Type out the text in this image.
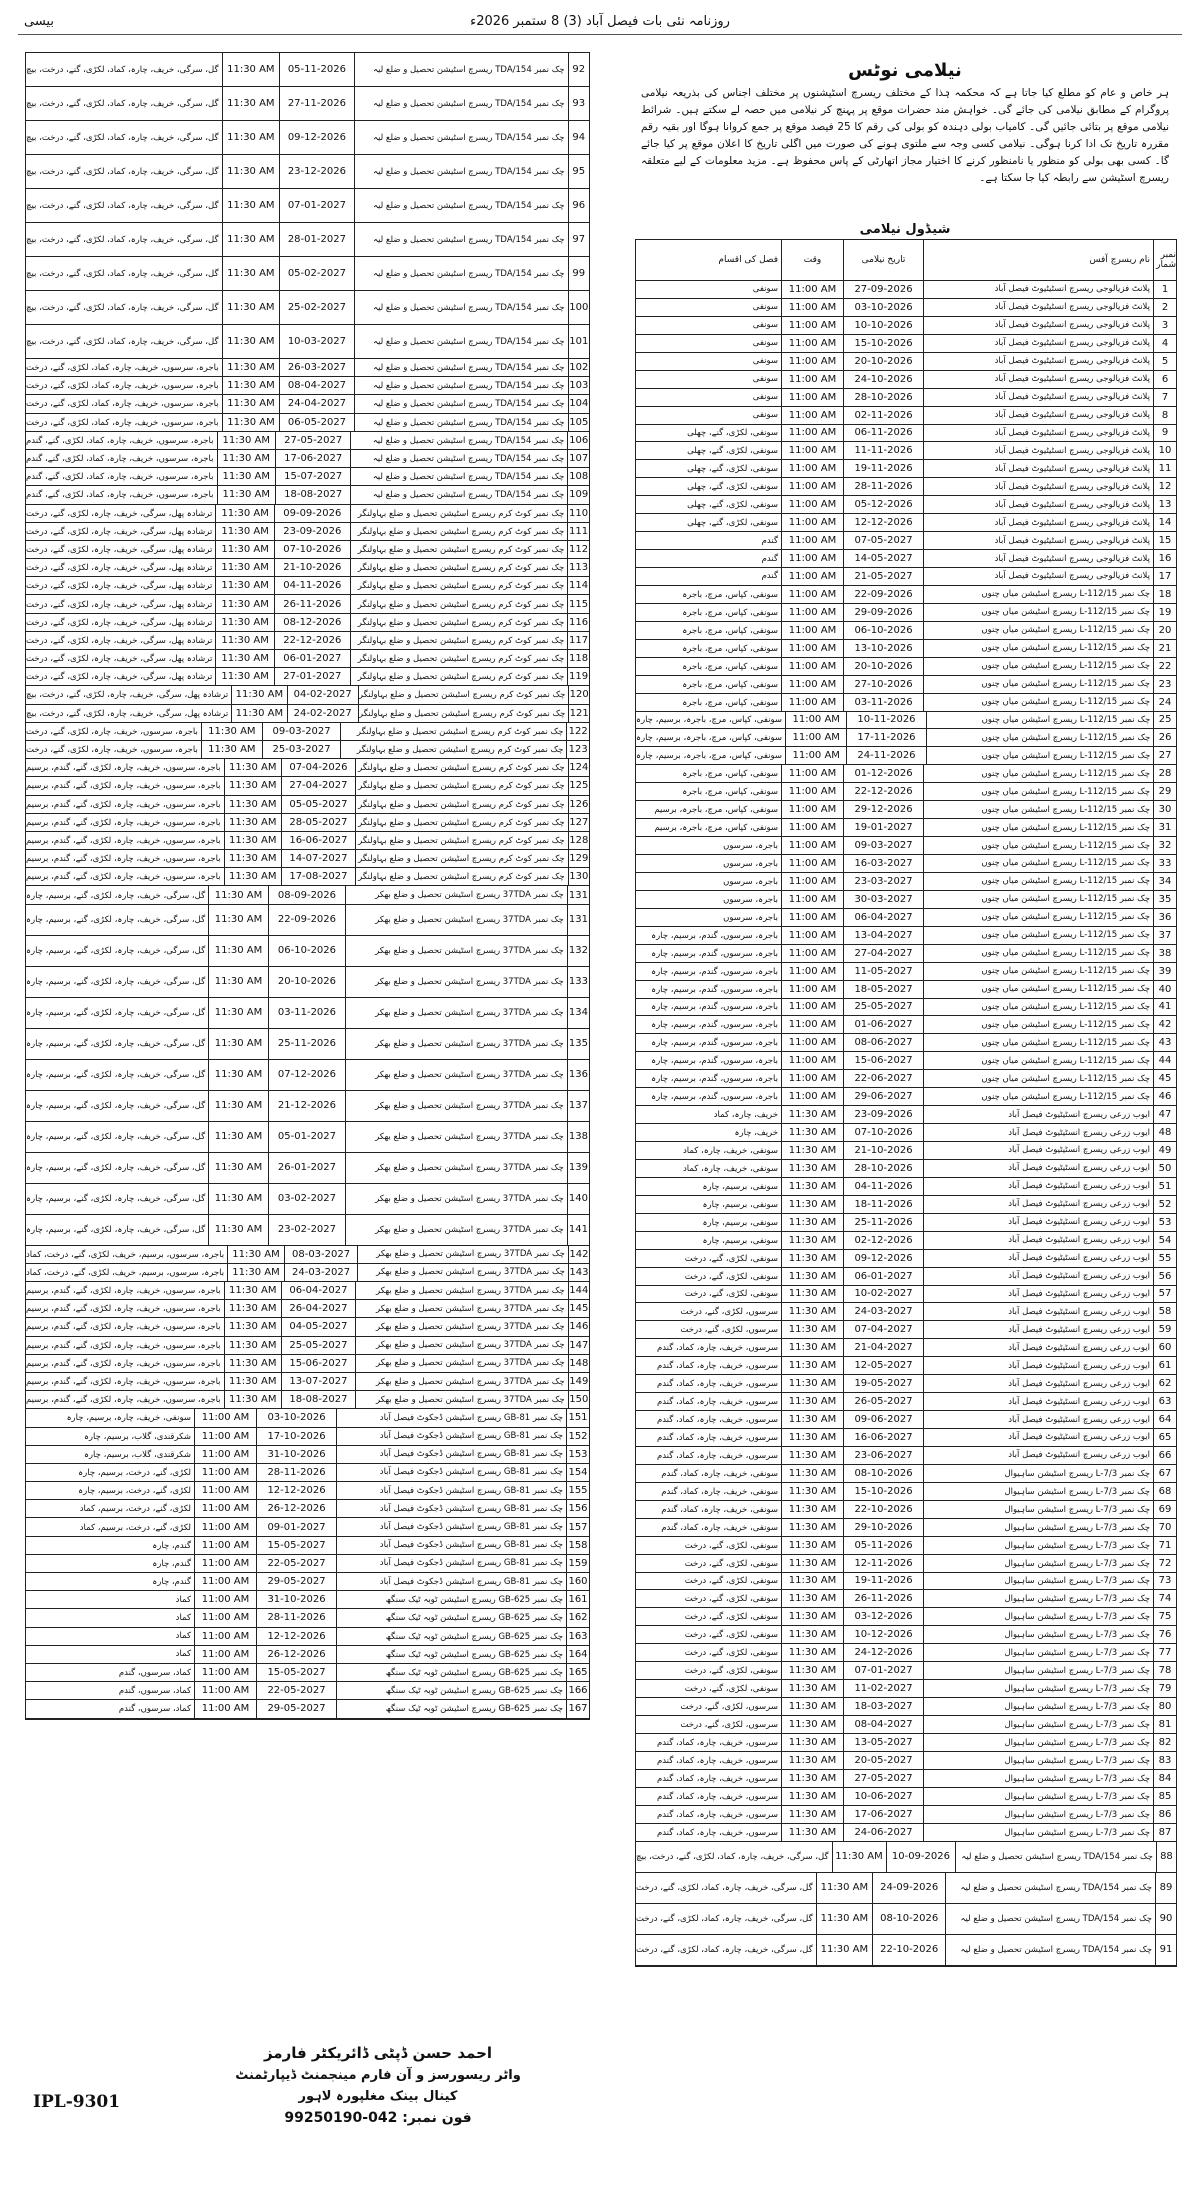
بیسی	روزنامہ نئی بات فیصل آباد (3) 8 ستمبر 2026ء
92
چک نمبر 154/TDA ریسرچ اسٹیشن تحصیل و ضلع لیہ
05-11-2026
11:30 AM
گل، سرگی، خریف، چارہ، کماد، لکڑی، گنے، درخت، بیچ
93
چک نمبر 154/TDA ریسرچ اسٹیشن تحصیل و ضلع لیہ
27-11-2026
11:30 AM
گل، سرگی، خریف، چارہ، کماد، لکڑی، گنے، درخت، بیچ
94
چک نمبر 154/TDA ریسرچ اسٹیشن تحصیل و ضلع لیہ
09-12-2026
11:30 AM
گل، سرگی، خریف، چارہ، کماد، لکڑی، گنے، درخت، بیچ
95
چک نمبر 154/TDA ریسرچ اسٹیشن تحصیل و ضلع لیہ
23-12-2026
11:30 AM
گل، سرگی، خریف، چارہ، کماد، لکڑی، گنے، درخت، بیچ
96
چک نمبر 154/TDA ریسرچ اسٹیشن تحصیل و ضلع لیہ
07-01-2027
11:30 AM
گل، سرگی، خریف، چارہ، کماد، لکڑی، گنے، درخت، بیچ
97
چک نمبر 154/TDA ریسرچ اسٹیشن تحصیل و ضلع لیہ
28-01-2027
11:30 AM
گل، سرگی، خریف، چارہ، کماد، لکڑی، گنے، درخت، بیچ
99
چک نمبر 154/TDA ریسرچ اسٹیشن تحصیل و ضلع لیہ
05-02-2027
11:30 AM
گل، سرگی، خریف، چارہ، کماد، لکڑی، گنے، درخت، بیچ
100
چک نمبر 154/TDA ریسرچ اسٹیشن تحصیل و ضلع لیہ
25-02-2027
11:30 AM
گل، سرگی، خریف، چارہ، کماد، لکڑی، گنے، درخت، بیچ
101
چک نمبر 154/TDA ریسرچ اسٹیشن تحصیل و ضلع لیہ
10-03-2027
11:30 AM
گل، سرگی، خریف، چارہ، کماد، لکڑی، گنے، درخت، بیچ
102
چک نمبر 154/TDA ریسرچ اسٹیشن تحصیل و ضلع لیہ
26-03-2027
11:30 AM
باجرہ، سرسوں، خریف، چارہ، کماد، لکڑی، گنے، درخت
103
چک نمبر 154/TDA ریسرچ اسٹیشن تحصیل و ضلع لیہ
08-04-2027
11:30 AM
باجرہ، سرسوں، خریف، چارہ، کماد، لکڑی، گنے، درخت
104
چک نمبر 154/TDA ریسرچ اسٹیشن تحصیل و ضلع لیہ
24-04-2027
11:30 AM
باجرہ، سرسوں، خریف، چارہ، کماد، لکڑی، گنے، درخت
105
چک نمبر 154/TDA ریسرچ اسٹیشن تحصیل و ضلع لیہ
06-05-2027
11:30 AM
باجرہ، سرسوں، خریف، چارہ، کماد، لکڑی، گنے، درخت
106
چک نمبر 154/TDA ریسرچ اسٹیشن تحصیل و ضلع لیہ
27-05-2027
11:30 AM
باجرہ، سرسوں، خریف، چارہ، کماد، لکڑی، گنے، گندم
107
چک نمبر 154/TDA ریسرچ اسٹیشن تحصیل و ضلع لیہ
17-06-2027
11:30 AM
باجرہ، سرسوں، خریف، چارہ، کماد، لکڑی، گنے، گندم
108
چک نمبر 154/TDA ریسرچ اسٹیشن تحصیل و ضلع لیہ
15-07-2027
11:30 AM
باجرہ، سرسوں، خریف، چارہ، کماد، لکڑی، گنے، گندم
109
چک نمبر 154/TDA ریسرچ اسٹیشن تحصیل و ضلع لیہ
18-08-2027
11:30 AM
باجرہ، سرسوں، خریف، چارہ، کماد، لکڑی، گنے، گندم
110
چک نمبر کوٹ کرم ریسرچ اسٹیشن تحصیل و ضلع بہاولنگر
09-09-2026
11:30 AM
ترشادہ پھل، سرگی، خریف، چارہ، لکڑی، گنے، درخت
111
چک نمبر کوٹ کرم ریسرچ اسٹیشن تحصیل و ضلع بہاولنگر
23-09-2026
11:30 AM
ترشادہ پھل، سرگی، خریف، چارہ، لکڑی، گنے، درخت
112
چک نمبر کوٹ کرم ریسرچ اسٹیشن تحصیل و ضلع بہاولنگر
07-10-2026
11:30 AM
ترشادہ پھل، سرگی، خریف، چارہ، لکڑی، گنے، درخت
113
چک نمبر کوٹ کرم ریسرچ اسٹیشن تحصیل و ضلع بہاولنگر
21-10-2026
11:30 AM
ترشادہ پھل، سرگی، خریف، چارہ، لکڑی، گنے، درخت
114
چک نمبر کوٹ کرم ریسرچ اسٹیشن تحصیل و ضلع بہاولنگر
04-11-2026
11:30 AM
ترشادہ پھل، سرگی، خریف، چارہ، لکڑی، گنے، درخت
115
چک نمبر کوٹ کرم ریسرچ اسٹیشن تحصیل و ضلع بہاولنگر
26-11-2026
11:30 AM
ترشادہ پھل، سرگی، خریف، چارہ، لکڑی، گنے، درخت
116
چک نمبر کوٹ کرم ریسرچ اسٹیشن تحصیل و ضلع بہاولنگر
08-12-2026
11:30 AM
ترشادہ پھل، سرگی، خریف، چارہ، لکڑی، گنے، درخت
117
چک نمبر کوٹ کرم ریسرچ اسٹیشن تحصیل و ضلع بہاولنگر
22-12-2026
11:30 AM
ترشادہ پھل، سرگی، خریف، چارہ، لکڑی، گنے، درخت
118
چک نمبر کوٹ کرم ریسرچ اسٹیشن تحصیل و ضلع بہاولنگر
06-01-2027
11:30 AM
ترشادہ پھل، سرگی، خریف، چارہ، لکڑی، گنے، درخت
119
چک نمبر کوٹ کرم ریسرچ اسٹیشن تحصیل و ضلع بہاولنگر
27-01-2027
11:30 AM
ترشادہ پھل، سرگی، خریف، چارہ، لکڑی، گنے، درخت
120
چک نمبر کوٹ کرم ریسرچ اسٹیشن تحصیل و ضلع بہاولنگر
04-02-2027
11:30 AM
ترشادہ پھل، سرگی، خریف، چارہ، لکڑی، گنے، درخت، بیچ
121
چک نمبر کوٹ کرم ریسرچ اسٹیشن تحصیل و ضلع بہاولنگر
24-02-2027
11:30 AM
ترشادہ پھل، سرگی، خریف، چارہ، لکڑی، گنے، درخت، بیچ
122
چک نمبر کوٹ کرم ریسرچ اسٹیشن تحصیل و ضلع بہاولنگر
09-03-2027
11:30 AM
باجرہ، سرسوں، خریف، چارہ، لکڑی، گنے، درخت
123
چک نمبر کوٹ کرم ریسرچ اسٹیشن تحصیل و ضلع بہاولنگر
25-03-2027
11:30 AM
باجرہ، سرسوں، خریف، چارہ، لکڑی، گنے، درخت
124
چک نمبر کوٹ کرم ریسرچ اسٹیشن تحصیل و ضلع بہاولنگر
07-04-2026
11:30 AM
باجرہ، سرسوں، خریف، چارہ، لکڑی، گنے، گندم، برسیم
125
چک نمبر کوٹ کرم ریسرچ اسٹیشن تحصیل و ضلع بہاولنگر
27-04-2027
11:30 AM
باجرہ، سرسوں، خریف، چارہ، لکڑی، گنے، گندم، برسیم
126
چک نمبر کوٹ کرم ریسرچ اسٹیشن تحصیل و ضلع بہاولنگر
05-05-2027
11:30 AM
باجرہ، سرسوں، خریف، چارہ، لکڑی، گنے، گندم، برسیم
127
چک نمبر کوٹ کرم ریسرچ اسٹیشن تحصیل و ضلع بہاولنگر
28-05-2027
11:30 AM
باجرہ، سرسوں، خریف، چارہ، لکڑی، گنے، گندم، برسیم
128
چک نمبر کوٹ کرم ریسرچ اسٹیشن تحصیل و ضلع بہاولنگر
16-06-2027
11:30 AM
باجرہ، سرسوں، خریف، چارہ، لکڑی، گنے، گندم، برسیم
129
چک نمبر کوٹ کرم ریسرچ اسٹیشن تحصیل و ضلع بہاولنگر
14-07-2027
11:30 AM
باجرہ، سرسوں، خریف، چارہ، لکڑی، گنے، گندم، برسیم
130
چک نمبر کوٹ کرم ریسرچ اسٹیشن تحصیل و ضلع بہاولنگر
17-08-2027
11:30 AM
باجرہ، سرسوں، خریف، چارہ، لکڑی، گنے، گندم، برسیم
131
چک نمبر 37TDA ریسرچ اسٹیشن تحصیل و ضلع بھکر
08-09-2026
11:30 AM
گل، سرگی، خریف، چارہ، لکڑی، گنے، برسیم، چارہ
131
چک نمبر 37TDA ریسرچ اسٹیشن تحصیل و ضلع بھکر
22-09-2026
11:30 AM
گل، سرگی، خریف، چارہ، لکڑی، گنے، برسیم، چارہ
132
چک نمبر 37TDA ریسرچ اسٹیشن تحصیل و ضلع بھکر
06-10-2026
11:30 AM
گل، سرگی، خریف، چارہ، لکڑی، گنے، برسیم، چارہ
133
چک نمبر 37TDA ریسرچ اسٹیشن تحصیل و ضلع بھکر
20-10-2026
11:30 AM
گل، سرگی، خریف، چارہ، لکڑی، گنے، برسیم، چارہ
134
چک نمبر 37TDA ریسرچ اسٹیشن تحصیل و ضلع بھکر
03-11-2026
11:30 AM
گل، سرگی، خریف، چارہ، لکڑی، گنے، برسیم، چارہ
135
چک نمبر 37TDA ریسرچ اسٹیشن تحصیل و ضلع بھکر
25-11-2026
11:30 AM
گل، سرگی، خریف، چارہ، لکڑی، گنے، برسیم، چارہ
136
چک نمبر 37TDA ریسرچ اسٹیشن تحصیل و ضلع بھکر
07-12-2026
11:30 AM
گل، سرگی، خریف، چارہ، لکڑی، گنے، برسیم، چارہ
137
چک نمبر 37TDA ریسرچ اسٹیشن تحصیل و ضلع بھکر
21-12-2026
11:30 AM
گل، سرگی، خریف، چارہ، لکڑی، گنے، برسیم، چارہ
138
چک نمبر 37TDA ریسرچ اسٹیشن تحصیل و ضلع بھکر
05-01-2027
11:30 AM
گل، سرگی، خریف، چارہ، لکڑی، گنے، برسیم، چارہ
139
چک نمبر 37TDA ریسرچ اسٹیشن تحصیل و ضلع بھکر
26-01-2027
11:30 AM
گل، سرگی، خریف، چارہ، لکڑی، گنے، برسیم، چارہ
140
چک نمبر 37TDA ریسرچ اسٹیشن تحصیل و ضلع بھکر
03-02-2027
11:30 AM
گل، سرگی، خریف، چارہ، لکڑی، گنے، برسیم، چارہ
141
چک نمبر 37TDA ریسرچ اسٹیشن تحصیل و ضلع بھکر
23-02-2027
11:30 AM
گل، سرگی، خریف، چارہ، لکڑی، گنے، برسیم، چارہ
142
چک نمبر 37TDA ریسرچ اسٹیشن تحصیل و ضلع بھکر
08-03-2027
11:30 AM
باجرہ، سرسوں، برسیم، خریف، لکڑی، گنے، درخت، کماد
143
چک نمبر 37TDA ریسرچ اسٹیشن تحصیل و ضلع بھکر
24-03-2027
11:30 AM
باجرہ، سرسوں، برسیم، خریف، لکڑی، گنے، درخت، کماد
144
چک نمبر 37TDA ریسرچ اسٹیشن تحصیل و ضلع بھکر
06-04-2027
11:30 AM
باجرہ، سرسوں، خریف، چارہ، لکڑی، گنے، گندم، برسیم
145
چک نمبر 37TDA ریسرچ اسٹیشن تحصیل و ضلع بھکر
26-04-2027
11:30 AM
باجرہ، سرسوں، خریف، چارہ، لکڑی، گنے، گندم، برسیم
146
چک نمبر 37TDA ریسرچ اسٹیشن تحصیل و ضلع بھکر
04-05-2027
11:30 AM
باجرہ، سرسوں، خریف، چارہ، لکڑی، گنے، گندم، برسیم
147
چک نمبر 37TDA ریسرچ اسٹیشن تحصیل و ضلع بھکر
25-05-2027
11:30 AM
باجرہ، سرسوں، خریف، چارہ، لکڑی، گنے، گندم، برسیم
148
چک نمبر 37TDA ریسرچ اسٹیشن تحصیل و ضلع بھکر
15-06-2027
11:30 AM
باجرہ، سرسوں، خریف، چارہ، لکڑی، گنے، گندم، برسیم
149
چک نمبر 37TDA ریسرچ اسٹیشن تحصیل و ضلع بھکر
13-07-2027
11:30 AM
باجرہ، سرسوں، خریف، چارہ، لکڑی، گنے، گندم، برسیم
150
چک نمبر 37TDA ریسرچ اسٹیشن تحصیل و ضلع بھکر
18-08-2027
11:30 AM
باجرہ، سرسوں، خریف، چارہ، لکڑی، گنے، گندم، برسیم
151
چک نمبر 81-GB ریسرچ اسٹیشن ڈجکوٹ فیصل آباد
03-10-2026
11:00 AM
سونفی، خریف، چارہ، برسیم، چارہ
152
چک نمبر 81-GB ریسرچ اسٹیشن ڈجکوٹ فیصل آباد
17-10-2026
11:00 AM
شکرقندی، گلاب، برسیم، چارہ
153
چک نمبر 81-GB ریسرچ اسٹیشن ڈجکوٹ فیصل آباد
31-10-2026
11:00 AM
شکرقندی، گلاب، برسیم، چارہ
154
چک نمبر 81-GB ریسرچ اسٹیشن ڈجکوٹ فیصل آباد
28-11-2026
11:00 AM
لکڑی، گنے، درخت، برسیم، چارہ
155
چک نمبر 81-GB ریسرچ اسٹیشن ڈجکوٹ فیصل آباد
12-12-2026
11:00 AM
لکڑی، گنے، درخت، برسیم، چارہ
156
چک نمبر 81-GB ریسرچ اسٹیشن ڈجکوٹ فیصل آباد
26-12-2026
11:00 AM
لکڑی، گنے، درخت، برسیم، کماد
157
چک نمبر 81-GB ریسرچ اسٹیشن ڈجکوٹ فیصل آباد
09-01-2027
11:00 AM
لکڑی، گنے، درخت، برسیم، کماد
158
چک نمبر 81-GB ریسرچ اسٹیشن ڈجکوٹ فیصل آباد
15-05-2027
11:00 AM
گندم، چارہ
159
چک نمبر 81-GB ریسرچ اسٹیشن ڈجکوٹ فیصل آباد
22-05-2027
11:00 AM
گندم، چارہ
160
چک نمبر 81-GB ریسرچ اسٹیشن ڈجکوٹ فیصل آباد
29-05-2027
11:00 AM
گندم، چارہ
161
چک نمبر 625-GB ریسرچ اسٹیشن ٹوبہ ٹیک سنگھ
31-10-2026
11:00 AM
کماد
162
چک نمبر 625-GB ریسرچ اسٹیشن ٹوبہ ٹیک سنگھ
28-11-2026
11:00 AM
کماد
163
چک نمبر 625-GB ریسرچ اسٹیشن ٹوبہ ٹیک سنگھ
12-12-2026
11:00 AM
کماد
164
چک نمبر 625-GB ریسرچ اسٹیشن ٹوبہ ٹیک سنگھ
26-12-2026
11:00 AM
کماد
165
چک نمبر 625-GB ریسرچ اسٹیشن ٹوبہ ٹیک سنگھ
15-05-2027
11:00 AM
کماد، سرسوں، گندم
166
چک نمبر 625-GB ریسرچ اسٹیشن ٹوبہ ٹیک سنگھ
22-05-2027
11:00 AM
کماد، سرسوں، گندم
167
چک نمبر 625-GB ریسرچ اسٹیشن ٹوبہ ٹیک سنگھ
29-05-2027
11:00 AM
کماد، سرسوں، گندم
نیلامی نوٹس
ہر خاص و عام کو مطلع کیا جاتا ہے کہ محکمہ ہٰذا کے مختلف ریسرچ اسٹیشنوں پر مختلف اجناس کی بذریعہ نیلامی پروگرام کے مطابق نیلامی کی جائے گی۔ خواہش مند حضرات موقع پر پہنچ کر نیلامی میں حصہ لے سکتے ہیں۔ شرائط نیلامی موقع پر بتائی جائیں گی۔ کامیاب بولی دہندہ کو بولی کی رقم کا 25 فیصد موقع پر جمع کروانا ہوگا اور بقیہ رقم مقررہ تاریخ تک ادا کرنا ہوگی۔ نیلامی کسی وجہ سے ملتوی ہونے کی صورت میں اگلی تاریخ کا اعلان موقع پر کیا جائے گا۔ کسی بھی بولی کو منظور یا نامنظور کرنے کا اختیار مجاز اتھارٹی کے پاس محفوظ ہے۔ مزید معلومات کے لیے متعلقہ ریسرچ اسٹیشن سے رابطہ کیا جا سکتا ہے۔
شیڈول نیلامی
نمبر شمار
نام ریسرچ آفس
تاریخ نیلامی
وقت
فصل کی اقسام
1
پلانٹ فزیالوجی ریسرچ انسٹیٹیوٹ فیصل آباد
27-09-2026
11:00 AM
سونفی
2
پلانٹ فزیالوجی ریسرچ انسٹیٹیوٹ فیصل آباد
03-10-2026
11:00 AM
سونفی
3
پلانٹ فزیالوجی ریسرچ انسٹیٹیوٹ فیصل آباد
10-10-2026
11:00 AM
سونفی
4
پلانٹ فزیالوجی ریسرچ انسٹیٹیوٹ فیصل آباد
15-10-2026
11:00 AM
سونفی
5
پلانٹ فزیالوجی ریسرچ انسٹیٹیوٹ فیصل آباد
20-10-2026
11:00 AM
سونفی
6
پلانٹ فزیالوجی ریسرچ انسٹیٹیوٹ فیصل آباد
24-10-2026
11:00 AM
سونفی
7
پلانٹ فزیالوجی ریسرچ انسٹیٹیوٹ فیصل آباد
28-10-2026
11:00 AM
سونفی
8
پلانٹ فزیالوجی ریسرچ انسٹیٹیوٹ فیصل آباد
02-11-2026
11:00 AM
سونفی
9
پلانٹ فزیالوجی ریسرچ انسٹیٹیوٹ فیصل آباد
06-11-2026
11:00 AM
سونفی، لکڑی، گنے، چھلی
10
پلانٹ فزیالوجی ریسرچ انسٹیٹیوٹ فیصل آباد
11-11-2026
11:00 AM
سونفی، لکڑی، گنے، چھلی
11
پلانٹ فزیالوجی ریسرچ انسٹیٹیوٹ فیصل آباد
19-11-2026
11:00 AM
سونفی، لکڑی، گنے، چھلی
12
پلانٹ فزیالوجی ریسرچ انسٹیٹیوٹ فیصل آباد
28-11-2026
11:00 AM
سونفی، لکڑی، گنے، چھلی
13
پلانٹ فزیالوجی ریسرچ انسٹیٹیوٹ فیصل آباد
05-12-2026
11:00 AM
سونفی، لکڑی، گنے، چھلی
14
پلانٹ فزیالوجی ریسرچ انسٹیٹیوٹ فیصل آباد
12-12-2026
11:00 AM
سونفی، لکڑی، گنے، چھلی
15
پلانٹ فزیالوجی ریسرچ انسٹیٹیوٹ فیصل آباد
07-05-2027
11:00 AM
گندم
16
پلانٹ فزیالوجی ریسرچ انسٹیٹیوٹ فیصل آباد
14-05-2027
11:00 AM
گندم
17
پلانٹ فزیالوجی ریسرچ انسٹیٹیوٹ فیصل آباد
21-05-2027
11:00 AM
گندم
18
چک نمبر 112/15-L ریسرچ اسٹیشن میاں چنوں
22-09-2026
11:00 AM
سونفی، کپاس، مرچ، باجرہ
19
چک نمبر 112/15-L ریسرچ اسٹیشن میاں چنوں
29-09-2026
11:00 AM
سونفی، کپاس، مرچ، باجرہ
20
چک نمبر 112/15-L ریسرچ اسٹیشن میاں چنوں
06-10-2026
11:00 AM
سونفی، کپاس، مرچ، باجرہ
21
چک نمبر 112/15-L ریسرچ اسٹیشن میاں چنوں
13-10-2026
11:00 AM
سونفی، کپاس، مرچ، باجرہ
22
چک نمبر 112/15-L ریسرچ اسٹیشن میاں چنوں
20-10-2026
11:00 AM
سونفی، کپاس، مرچ، باجرہ
23
چک نمبر 112/15-L ریسرچ اسٹیشن میاں چنوں
27-10-2026
11:00 AM
سونفی، کپاس، مرچ، باجرہ
24
چک نمبر 112/15-L ریسرچ اسٹیشن میاں چنوں
03-11-2026
11:00 AM
سونفی، کپاس، مرچ، باجرہ
25
چک نمبر 112/15-L ریسرچ اسٹیشن میاں چنوں
10-11-2026
11:00 AM
سونفی، کپاس، مرچ، باجرہ، برسیم، چارہ
26
چک نمبر 112/15-L ریسرچ اسٹیشن میاں چنوں
17-11-2026
11:00 AM
سونفی، کپاس، مرچ، باجرہ، برسیم، چارہ
27
چک نمبر 112/15-L ریسرچ اسٹیشن میاں چنوں
24-11-2026
11:00 AM
سونفی، کپاس، مرچ، باجرہ، برسیم، چارہ
28
چک نمبر 112/15-L ریسرچ اسٹیشن میاں چنوں
01-12-2026
11:00 AM
سونفی، کپاس، مرچ، باجرہ
29
چک نمبر 112/15-L ریسرچ اسٹیشن میاں چنوں
22-12-2026
11:00 AM
سونفی، کپاس، مرچ، باجرہ
30
چک نمبر 112/15-L ریسرچ اسٹیشن میاں چنوں
29-12-2026
11:00 AM
سونفی، کپاس، مرچ، باجرہ، برسیم
31
چک نمبر 112/15-L ریسرچ اسٹیشن میاں چنوں
19-01-2027
11:00 AM
سونفی، کپاس، مرچ، باجرہ، برسیم
32
چک نمبر 112/15-L ریسرچ اسٹیشن میاں چنوں
09-03-2027
11:00 AM
باجرہ، سرسوں
33
چک نمبر 112/15-L ریسرچ اسٹیشن میاں چنوں
16-03-2027
11:00 AM
باجرہ، سرسوں
34
چک نمبر 112/15-L ریسرچ اسٹیشن میاں چنوں
23-03-2027
11:00 AM
باجرہ، سرسوں
35
چک نمبر 112/15-L ریسرچ اسٹیشن میاں چنوں
30-03-2027
11:00 AM
باجرہ، سرسوں
36
چک نمبر 112/15-L ریسرچ اسٹیشن میاں چنوں
06-04-2027
11:00 AM
باجرہ، سرسوں
37
چک نمبر 112/15-L ریسرچ اسٹیشن میاں چنوں
13-04-2027
11:00 AM
باجرہ، سرسوں، گندم، برسیم، چارہ
38
چک نمبر 112/15-L ریسرچ اسٹیشن میاں چنوں
27-04-2027
11:00 AM
باجرہ، سرسوں، گندم، برسیم، چارہ
39
چک نمبر 112/15-L ریسرچ اسٹیشن میاں چنوں
11-05-2027
11:00 AM
باجرہ، سرسوں، گندم، برسیم، چارہ
40
چک نمبر 112/15-L ریسرچ اسٹیشن میاں چنوں
18-05-2027
11:00 AM
باجرہ، سرسوں، گندم، برسیم، چارہ
41
چک نمبر 112/15-L ریسرچ اسٹیشن میاں چنوں
25-05-2027
11:00 AM
باجرہ، سرسوں، گندم، برسیم، چارہ
42
چک نمبر 112/15-L ریسرچ اسٹیشن میاں چنوں
01-06-2027
11:00 AM
باجرہ، سرسوں، گندم، برسیم، چارہ
43
چک نمبر 112/15-L ریسرچ اسٹیشن میاں چنوں
08-06-2027
11:00 AM
باجرہ، سرسوں، گندم، برسیم، چارہ
44
چک نمبر 112/15-L ریسرچ اسٹیشن میاں چنوں
15-06-2027
11:00 AM
باجرہ، سرسوں، گندم، برسیم، چارہ
45
چک نمبر 112/15-L ریسرچ اسٹیشن میاں چنوں
22-06-2027
11:00 AM
باجرہ، سرسوں، گندم، برسیم، چارہ
46
چک نمبر 112/15-L ریسرچ اسٹیشن میاں چنوں
29-06-2027
11:00 AM
باجرہ، سرسوں، گندم، برسیم، چارہ
47
ایوب زرعی ریسرچ انسٹیٹیوٹ فیصل آباد
23-09-2026
11:30 AM
خریف، چارہ، کماد
48
ایوب زرعی ریسرچ انسٹیٹیوٹ فیصل آباد
07-10-2026
11:30 AM
خریف، چارہ
49
ایوب زرعی ریسرچ انسٹیٹیوٹ فیصل آباد
21-10-2026
11:30 AM
سونفی، خریف، چارہ، کماد
50
ایوب زرعی ریسرچ انسٹیٹیوٹ فیصل آباد
28-10-2026
11:30 AM
سونفی، خریف، چارہ، کماد
51
ایوب زرعی ریسرچ انسٹیٹیوٹ فیصل آباد
04-11-2026
11:30 AM
سونفی، برسیم، چارہ
52
ایوب زرعی ریسرچ انسٹیٹیوٹ فیصل آباد
18-11-2026
11:30 AM
سونفی، برسیم، چارہ
53
ایوب زرعی ریسرچ انسٹیٹیوٹ فیصل آباد
25-11-2026
11:30 AM
سونفی، برسیم، چارہ
54
ایوب زرعی ریسرچ انسٹیٹیوٹ فیصل آباد
02-12-2026
11:30 AM
سونفی، برسیم، چارہ
55
ایوب زرعی ریسرچ انسٹیٹیوٹ فیصل آباد
09-12-2026
11:30 AM
سونفی، لکڑی، گنے، درخت
56
ایوب زرعی ریسرچ انسٹیٹیوٹ فیصل آباد
06-01-2027
11:30 AM
سونفی، لکڑی، گنے، درخت
57
ایوب زرعی ریسرچ انسٹیٹیوٹ فیصل آباد
10-02-2027
11:30 AM
سونفی، لکڑی، گنے، درخت
58
ایوب زرعی ریسرچ انسٹیٹیوٹ فیصل آباد
24-03-2027
11:30 AM
سرسوں، لکڑی، گنے، درخت
59
ایوب زرعی ریسرچ انسٹیٹیوٹ فیصل آباد
07-04-2027
11:30 AM
سرسوں، لکڑی، گنے، درخت
60
ایوب زرعی ریسرچ انسٹیٹیوٹ فیصل آباد
21-04-2027
11:30 AM
سرسوں، خریف، چارہ، کماد، گندم
61
ایوب زرعی ریسرچ انسٹیٹیوٹ فیصل آباد
12-05-2027
11:30 AM
سرسوں، خریف، چارہ، کماد، گندم
62
ایوب زرعی ریسرچ انسٹیٹیوٹ فیصل آباد
19-05-2027
11:30 AM
سرسوں، خریف، چارہ، کماد، گندم
63
ایوب زرعی ریسرچ انسٹیٹیوٹ فیصل آباد
26-05-2027
11:30 AM
سرسوں، خریف، چارہ، کماد، گندم
64
ایوب زرعی ریسرچ انسٹیٹیوٹ فیصل آباد
09-06-2027
11:30 AM
سرسوں، خریف، چارہ، کماد، گندم
65
ایوب زرعی ریسرچ انسٹیٹیوٹ فیصل آباد
16-06-2027
11:30 AM
سرسوں، خریف، چارہ، کماد، گندم
66
ایوب زرعی ریسرچ انسٹیٹیوٹ فیصل آباد
23-06-2027
11:30 AM
سرسوں، خریف، چارہ، کماد، گندم
67
چک نمبر 7/3-L ریسرچ اسٹیشن ساہیوال
08-10-2026
11:30 AM
سونفی، خریف، چارہ، کماد، گندم
68
چک نمبر 7/3-L ریسرچ اسٹیشن ساہیوال
15-10-2026
11:30 AM
سونفی، خریف، چارہ، کماد، گندم
69
چک نمبر 7/3-L ریسرچ اسٹیشن ساہیوال
22-10-2026
11:30 AM
سونفی، خریف، چارہ، کماد، گندم
70
چک نمبر 7/3-L ریسرچ اسٹیشن ساہیوال
29-10-2026
11:30 AM
سونفی، خریف، چارہ، کماد، گندم
71
چک نمبر 7/3-L ریسرچ اسٹیشن ساہیوال
05-11-2026
11:30 AM
سونفی، لکڑی، گنے، درخت
72
چک نمبر 7/3-L ریسرچ اسٹیشن ساہیوال
12-11-2026
11:30 AM
سونفی، لکڑی، گنے، درخت
73
چک نمبر 7/3-L ریسرچ اسٹیشن ساہیوال
19-11-2026
11:30 AM
سونفی، لکڑی، گنے، درخت
74
چک نمبر 7/3-L ریسرچ اسٹیشن ساہیوال
26-11-2026
11:30 AM
سونفی، لکڑی، گنے، درخت
75
چک نمبر 7/3-L ریسرچ اسٹیشن ساہیوال
03-12-2026
11:30 AM
سونفی، لکڑی، گنے، درخت
76
چک نمبر 7/3-L ریسرچ اسٹیشن ساہیوال
10-12-2026
11:30 AM
سونفی، لکڑی، گنے، درخت
77
چک نمبر 7/3-L ریسرچ اسٹیشن ساہیوال
24-12-2026
11:30 AM
سونفی، لکڑی، گنے، درخت
78
چک نمبر 7/3-L ریسرچ اسٹیشن ساہیوال
07-01-2027
11:30 AM
سونفی، لکڑی، گنے، درخت
79
چک نمبر 7/3-L ریسرچ اسٹیشن ساہیوال
11-02-2027
11:30 AM
سونفی، لکڑی، گنے، درخت
80
چک نمبر 7/3-L ریسرچ اسٹیشن ساہیوال
18-03-2027
11:30 AM
سرسوں، لکڑی، گنے، درخت
81
چک نمبر 7/3-L ریسرچ اسٹیشن ساہیوال
08-04-2027
11:30 AM
سرسوں، لکڑی، گنے، درخت
82
چک نمبر 7/3-L ریسرچ اسٹیشن ساہیوال
13-05-2027
11:30 AM
سرسوں، خریف، چارہ، کماد، گندم
83
چک نمبر 7/3-L ریسرچ اسٹیشن ساہیوال
20-05-2027
11:30 AM
سرسوں، خریف، چارہ، کماد، گندم
84
چک نمبر 7/3-L ریسرچ اسٹیشن ساہیوال
27-05-2027
11:30 AM
سرسوں، خریف، چارہ، کماد، گندم
85
چک نمبر 7/3-L ریسرچ اسٹیشن ساہیوال
10-06-2027
11:30 AM
سرسوں، خریف، چارہ، کماد، گندم
86
چک نمبر 7/3-L ریسرچ اسٹیشن ساہیوال
17-06-2027
11:30 AM
سرسوں، خریف، چارہ، کماد، گندم
87
چک نمبر 7/3-L ریسرچ اسٹیشن ساہیوال
24-06-2027
11:30 AM
سرسوں، خریف، چارہ، کماد، گندم
88
چک نمبر 154/TDA ریسرچ اسٹیشن تحصیل و ضلع لیہ
10-09-2026
11:30 AM
گل، سرگی، خریف، چارہ، کماد، لکڑی، گنے، درخت، بیچ
89
چک نمبر 154/TDA ریسرچ اسٹیشن تحصیل و ضلع لیہ
24-09-2026
11:30 AM
گل، سرگی، خریف، چارہ، کماد، لکڑی، گنے، درخت
90
چک نمبر 154/TDA ریسرچ اسٹیشن تحصیل و ضلع لیہ
08-10-2026
11:30 AM
گل، سرگی، خریف، چارہ، کماد، لکڑی، گنے، درخت
91
چک نمبر 154/TDA ریسرچ اسٹیشن تحصیل و ضلع لیہ
22-10-2026
11:30 AM
گل، سرگی، خریف، چارہ، کماد، لکڑی، گنے، درخت
IPL-9301
احمد حسن ڈپٹی ڈائریکٹر فارمز
واٹر ریسورسز و آن فارم مینجمنٹ ڈیپارٹمنٹ
کینال بینک مغلپورہ لاہور
فون نمبر: 042-99250190
